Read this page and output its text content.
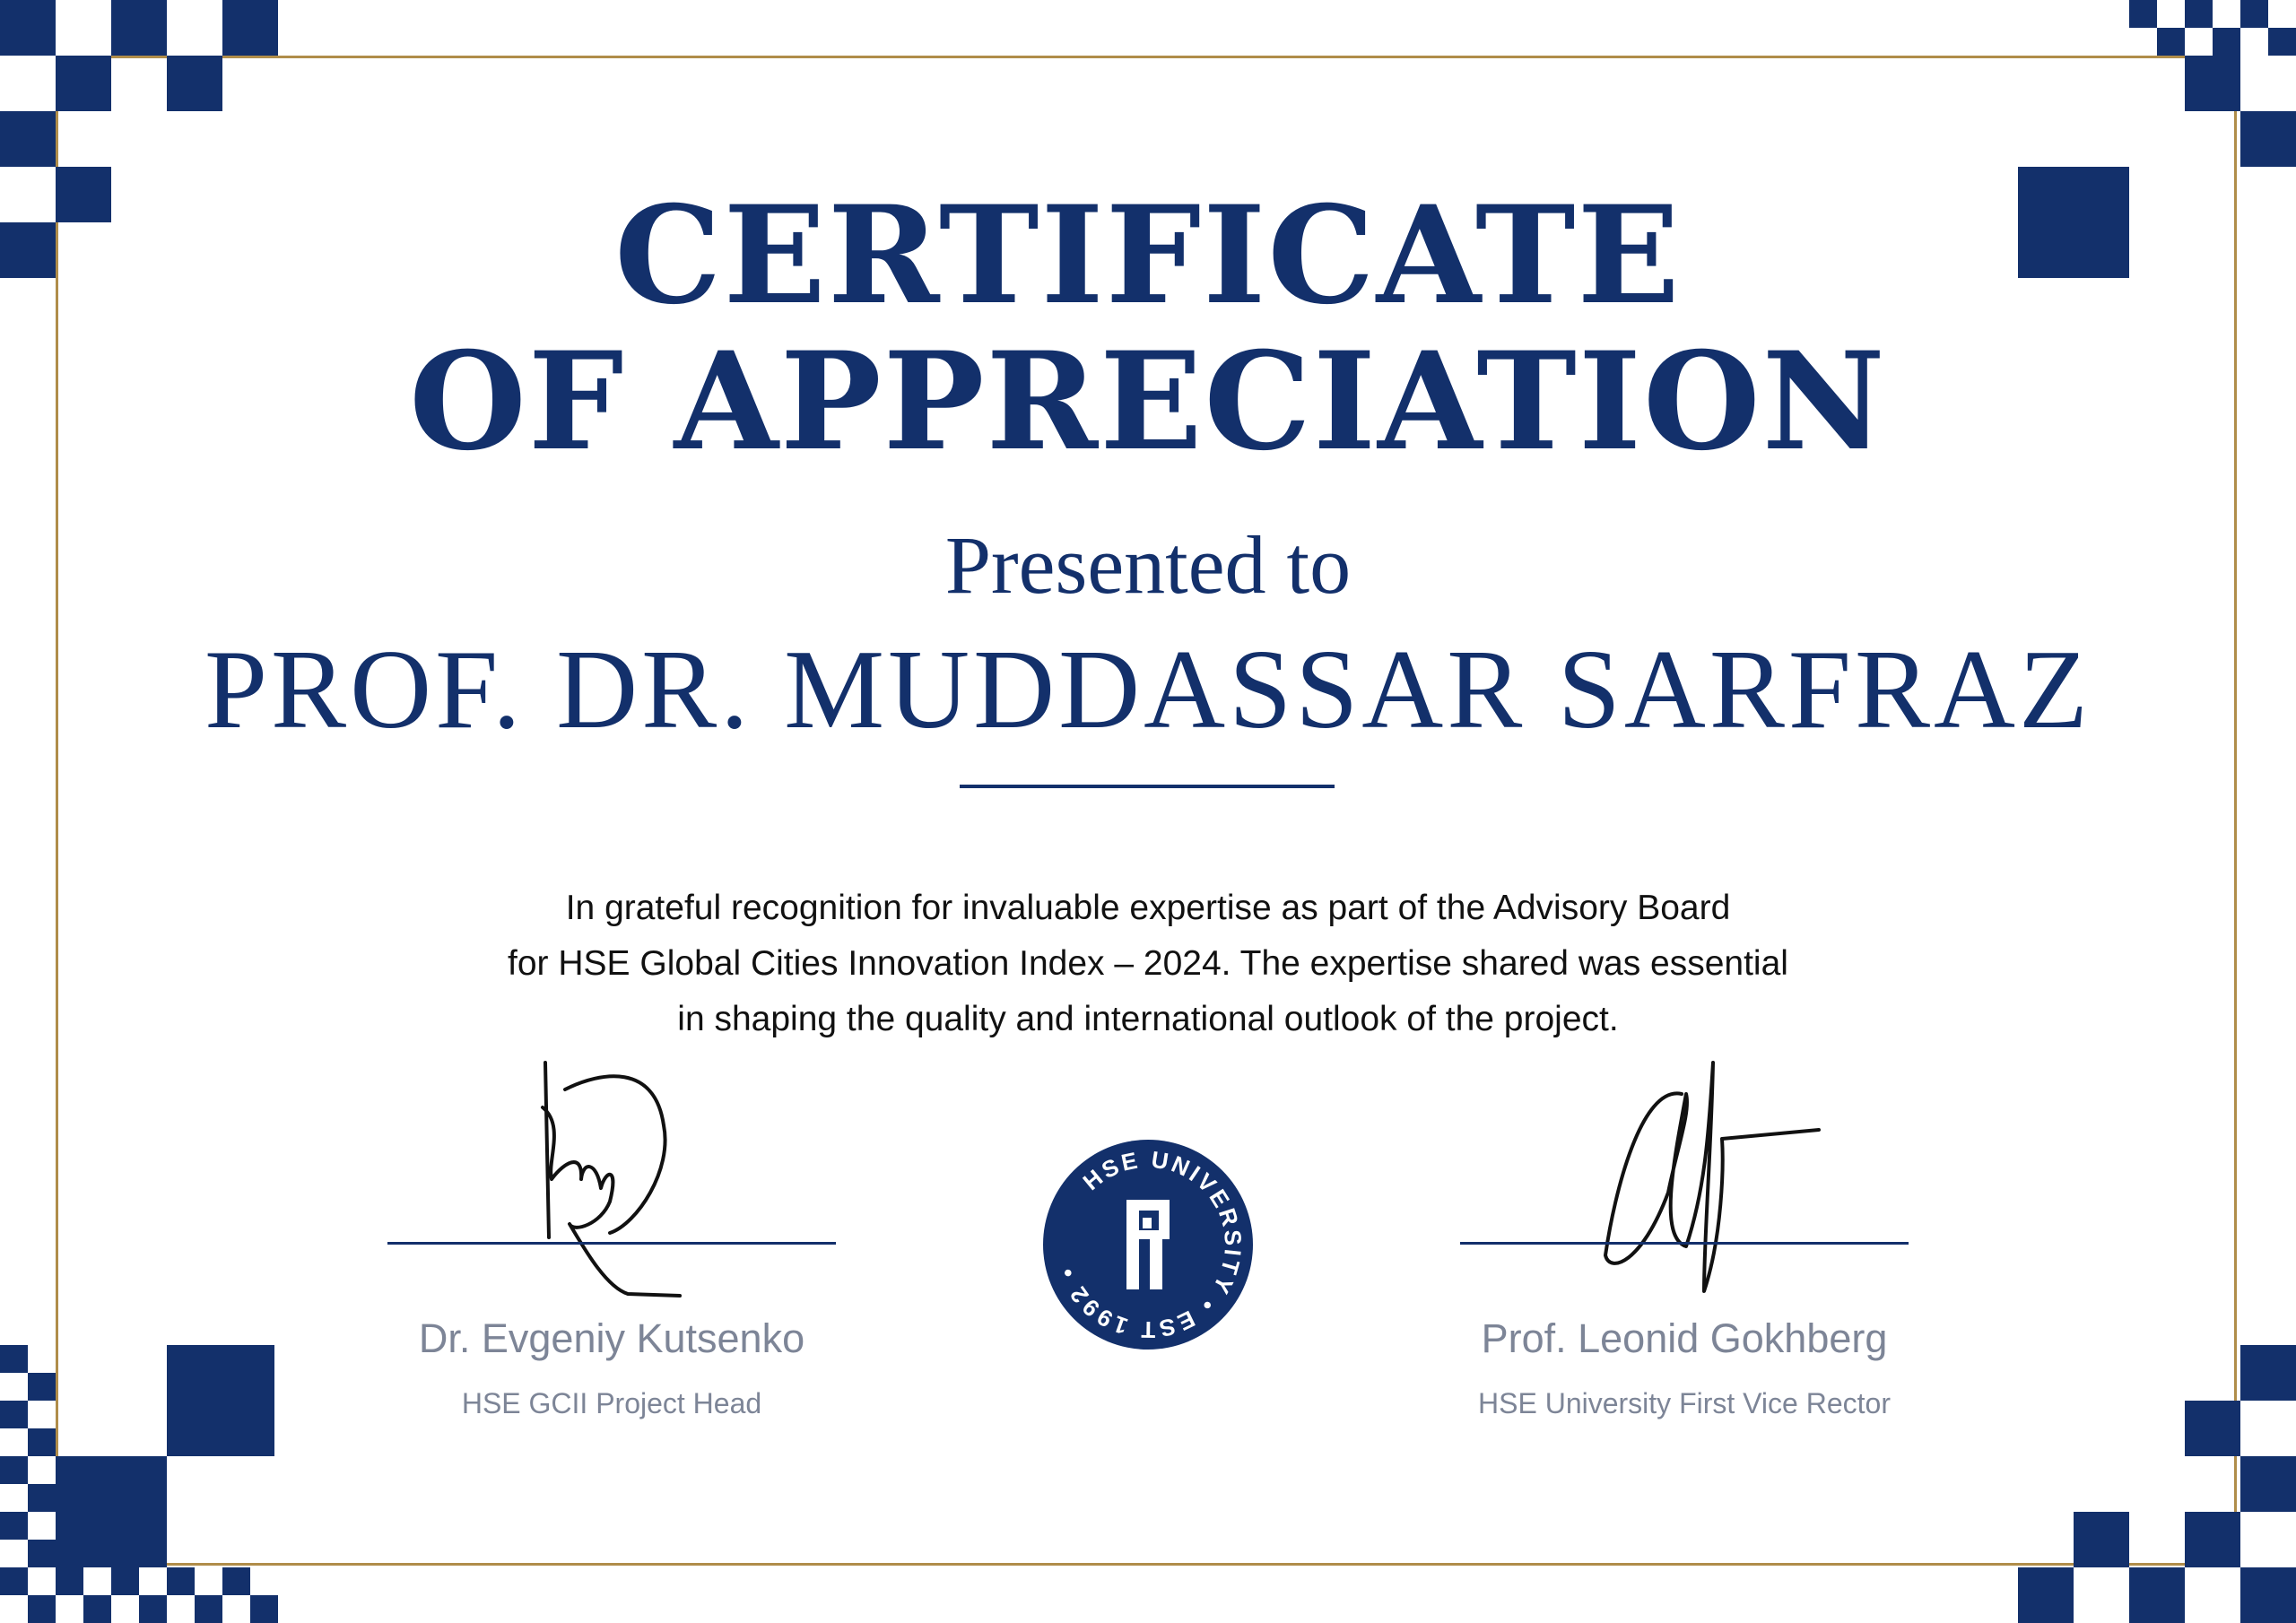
CERTIFICATE
OF APPRECIATION
Presented to
PROF. DR. MUDDASSAR SARFRAZ
In grateful recognition for invaluable expertise as part of the Advisory Board
for HSE Global Cities Innovation Index – 2024. The expertise shared was essential
in shaping the quality and international outlook of the project.
Dr. Evgeniy Kutsenko
HSE GCII Project Head
Prof. Leonid Gokhberg
HSE University First Vice Rector
HSE UNIVERSITY • EST 1992 •
